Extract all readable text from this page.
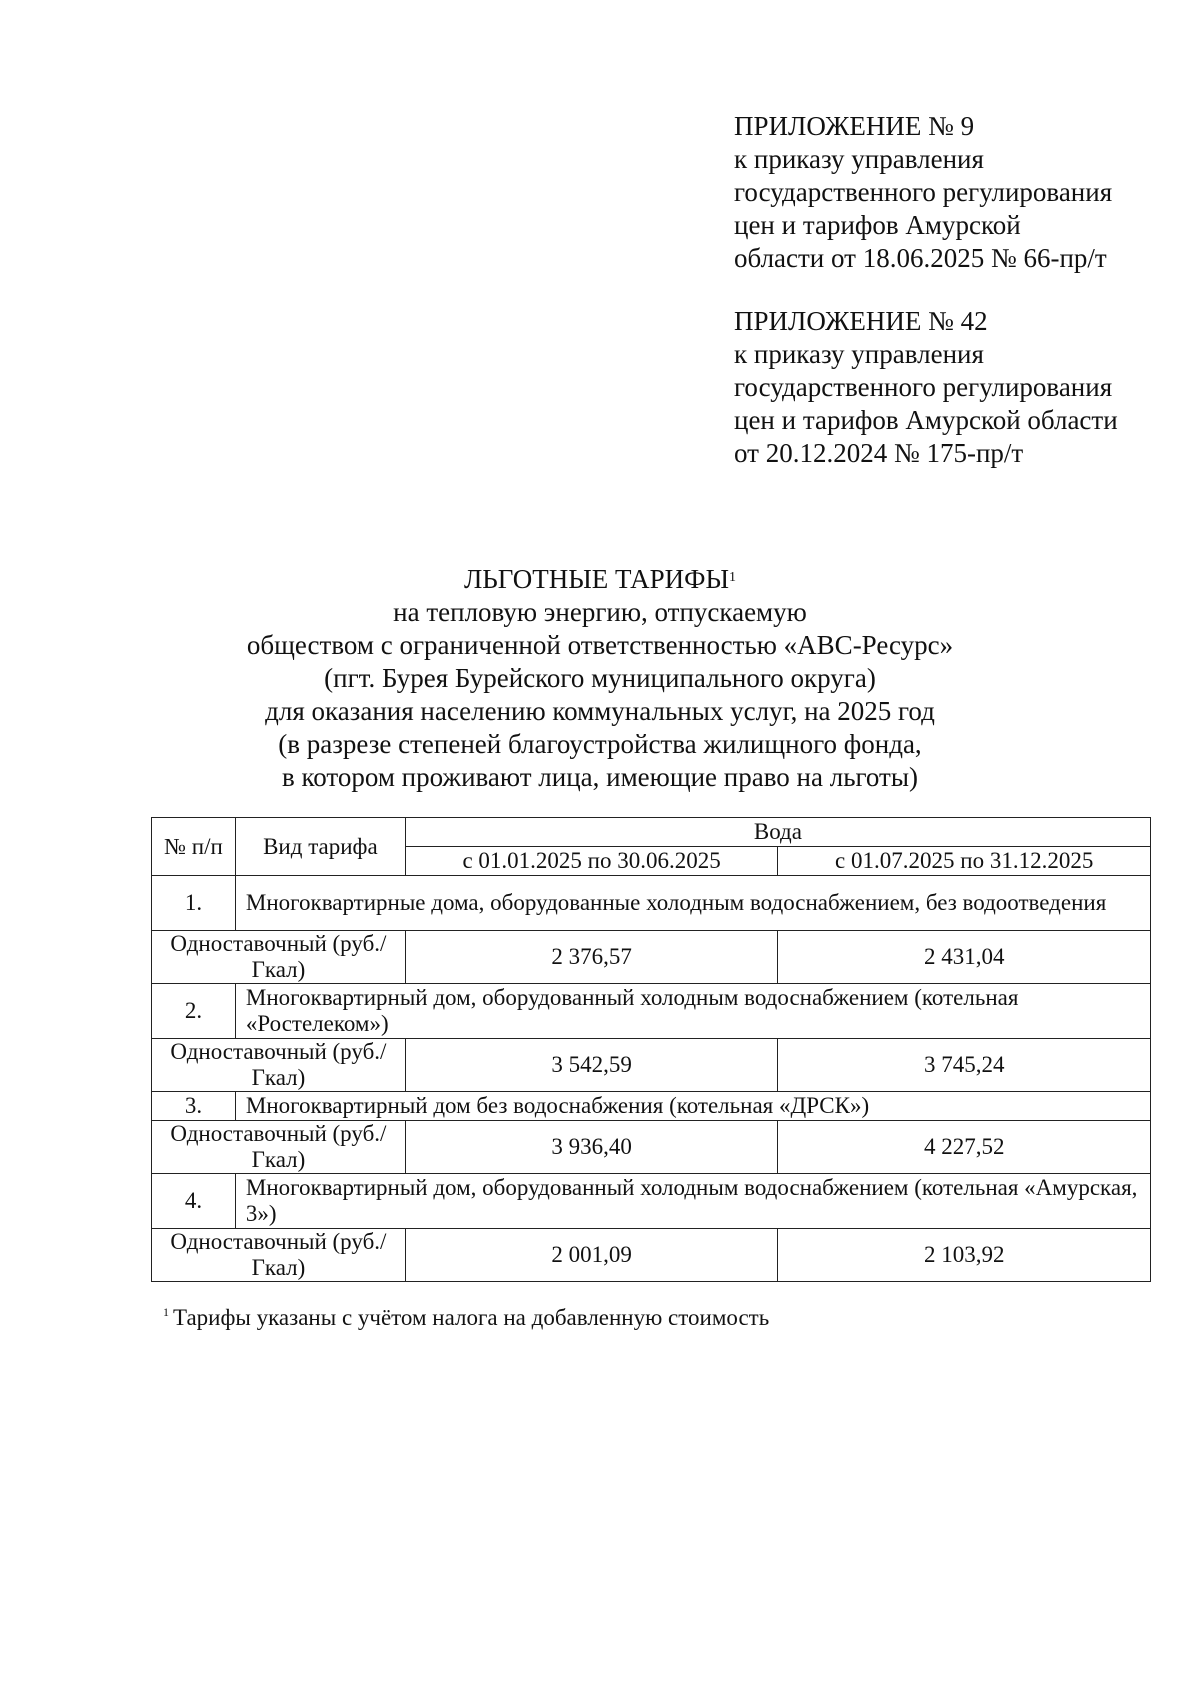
ПРИЛОЖЕНИЕ № 9
к приказу управления
государственного регулирования
цен и тарифов Амурской
области от 18.06.2025 № 66-пр/т
ПРИЛОЖЕНИЕ № 42
к приказу управления
государственного регулирования
цен и тарифов Амурской области
от 20.12.2024 № 175-пр/т
ЛЬГОТНЫЕ ТАРИФЫ$^1$
на тепловую энергию, отпускаемую
обществом с ограниченной ответственностью «АВС-Ресурс»
(пгт. Бурея Бурейского муниципального округа)
для оказания населению коммунальных услуг, на 2025 год
(в разрезе степеней благоустройства жилищного фонда,
в котором проживают лица, имеющие право на льготы)
№ п/п	Вид тарифа	Вода	
		с 01.01.2025 по 30.06.2025	с 01.07.2025 по 31.12.2025
1.	Многоквартирные дома, оборудованные холодным водоснабжением, без водоотведения		
Одноставочный (руб./Гкал)		2 376,57	2 431,04
2.	Многоквартирный дом, оборудованный холодным водоснабжением (котельная «Ростелеком»)		
Одноставочный (руб./Гкал)		3 542,59	3 745,24
3.	Многоквартирный дом без водоснабжения (котельная «ДРСК»)		
Одноставочный (руб./Гкал)		3 936,40	4 227,52
4.	Многоквартирный дом, оборудованный холодным водоснабжением (котельная «Амурская, 3»)		
Одноставочный (руб./Гкал)		2 001,09	2 103,92
$^1$ Тарифы указаны с учётом налога на добавленную стоимость
